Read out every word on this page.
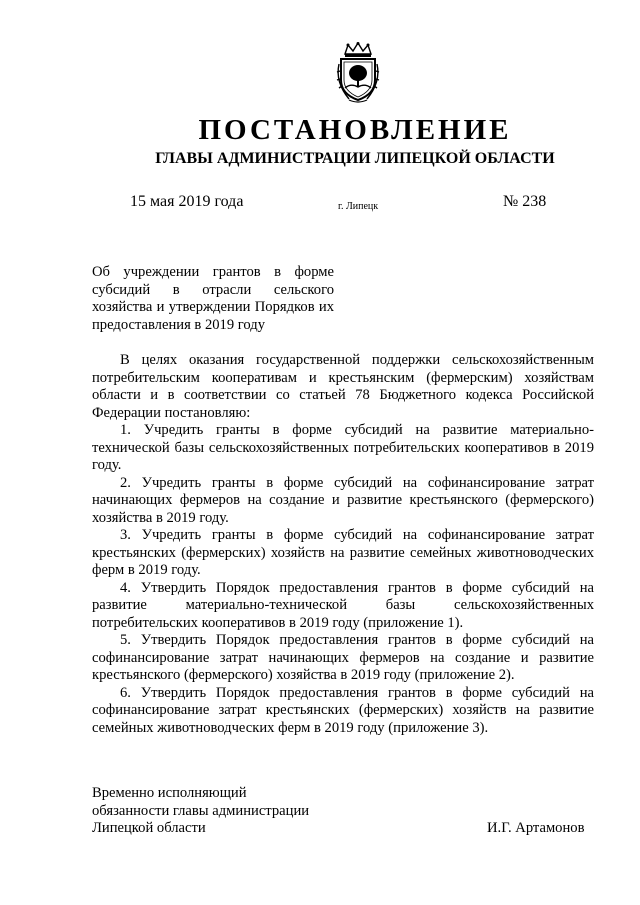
ПОСТАНОВЛЕНИЕ
ГЛАВЫ АДМИНИСТРАЦИИ ЛИПЕЦКОЙ ОБЛАСТИ
15 мая 2019 года	г. Липецк	№ 238

Об учреждении грантов в форме субсидий в отрасли сельского хозяйства и утверждении Порядков их предоставления в 2019 году

В целях оказания государственной поддержки сельскохозяйственным потребительским кооперативам и крестьянским (фермерским) хозяйствам области и в соответствии со статьей 78 Бюджетного кодекса Российской Федерации постановляю:

1. Учредить гранты в форме субсидий на развитие материально-технической базы сельскохозяйственных потребительских кооперативов в 2019 году.

2. Учредить гранты в форме субсидий на софинансирование затрат начинающих фермеров на создание и развитие крестьянского (фермерского) хозяйства в 2019 году.

3. Учредить гранты в форме субсидий на софинансирование затрат крестьянских (фермерских) хозяйств на развитие семейных животноводческих ферм в 2019 году.

4. Утвердить Порядок предоставления грантов в форме субсидий на развитие материально-технической базы сельскохозяйственных потребительских кооперативов в 2019 году (приложение 1).

5. Утвердить Порядок предоставления грантов в форме субсидий на софинансирование затрат начинающих фермеров на создание и развитие крестьянского (фермерского) хозяйства в 2019 году (приложение 2).

6. Утвердить Порядок предоставления грантов в форме субсидий на софинансирование затрат крестьянских (фермерских) хозяйств на развитие семейных животноводческих ферм в 2019 году (приложение 3).

Временно исполняющий
обязанности главы администрации
Липецкой области	И.Г. Артамонов
